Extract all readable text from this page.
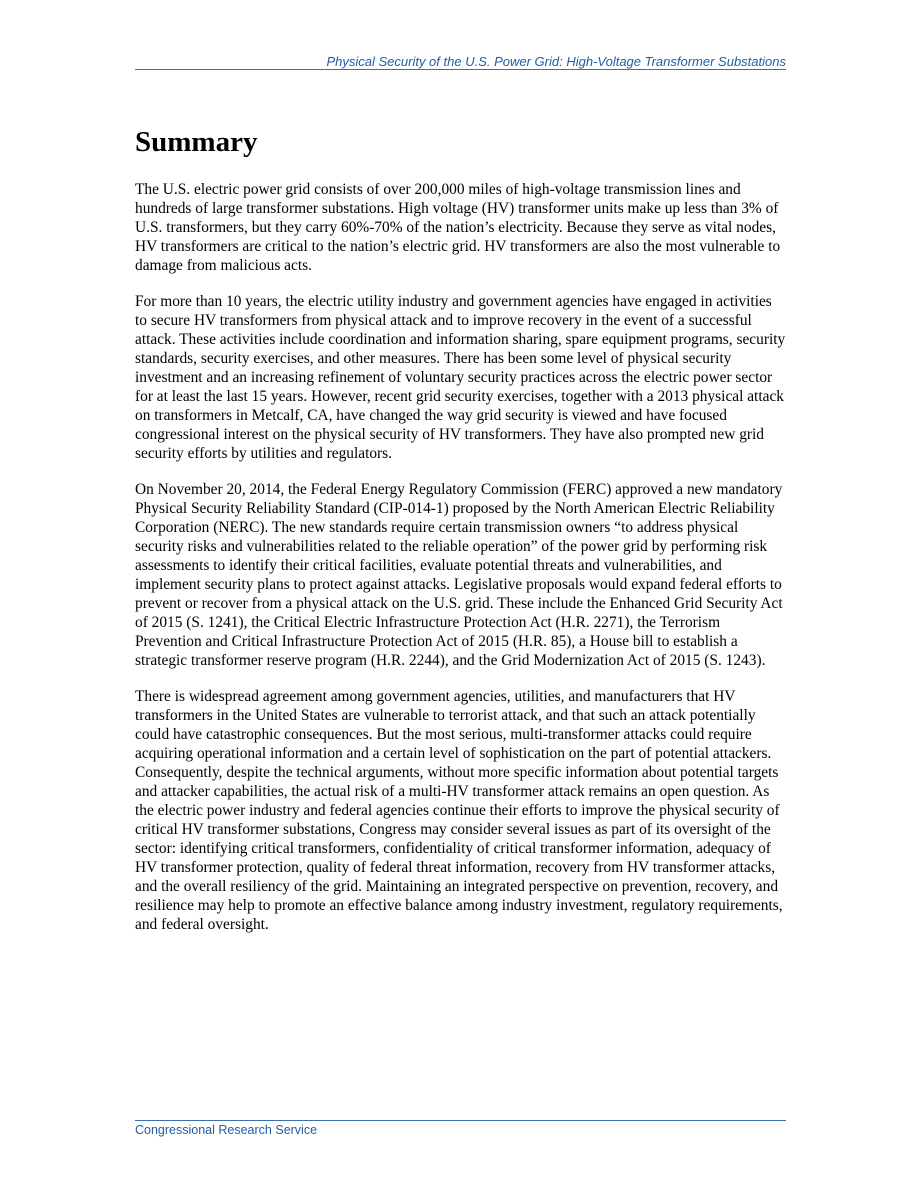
Physical Security of the U.S. Power Grid: High-Voltage Transformer Substations
Summary

The U.S. electric power grid consists of over 200,000 miles of high-voltage transmission lines and hundreds of large transformer substations. High voltage (HV) transformer units make up less than 3% of U.S. transformers, but they carry 60%-70% of the nation’s electricity. Because they serve as vital nodes, HV transformers are critical to the nation’s electric grid. HV transformers are also the most vulnerable to damage from malicious acts.

For more than 10 years, the electric utility industry and government agencies have engaged in activities to secure HV transformers from physical attack and to improve recovery in the event of a successful attack. These activities include coordination and information sharing, spare equipment programs, security standards, security exercises, and other measures. There has been some level of physical security investment and an increasing refinement of voluntary security practices across the electric power sector for at least the last 15 years. However, recent grid security exercises, together with a 2013 physical attack on transformers in Metcalf, CA, have changed the way grid security is viewed and have focused congressional interest on the physical security of HV transformers. They have also prompted new grid security efforts by utilities and regulators.

On November 20, 2014, the Federal Energy Regulatory Commission (FERC) approved a new mandatory Physical Security Reliability Standard (CIP-014-1) proposed by the North American Electric Reliability Corporation (NERC). The new standards require certain transmission owners “to address physical security risks and vulnerabilities related to the reliable operation” of the power grid by performing risk assessments to identify their critical facilities, evaluate potential threats and vulnerabilities, and implement security plans to protect against attacks. Legislative proposals would expand federal efforts to prevent or recover from a physical attack on the U.S. grid. These include the Enhanced Grid Security Act of 2015 (S. 1241), the Critical Electric Infrastructure Protection Act (H.R. 2271), the Terrorism Prevention and Critical Infrastructure Protection Act of 2015 (H.R. 85), a House bill to establish a strategic transformer reserve program (H.R. 2244), and the Grid Modernization Act of 2015 (S. 1243).

There is widespread agreement among government agencies, utilities, and manufacturers that HV transformers in the United States are vulnerable to terrorist attack, and that such an attack potentially could have catastrophic consequences. But the most serious, multi-transformer attacks could require acquiring operational information and a certain level of sophistication on the part of potential attackers. Consequently, despite the technical arguments, without more specific information about potential targets and attacker capabilities, the actual risk of a multi-HV transformer attack remains an open question. As the electric power industry and federal agencies continue their efforts to improve the physical security of critical HV transformer substations, Congress may consider several issues as part of its oversight of the sector: identifying critical transformers, confidentiality of critical transformer information, adequacy of HV transformer protection, quality of federal threat information, recovery from HV transformer attacks, and the overall resiliency of the grid. Maintaining an integrated perspective on prevention, recovery, and resilience may help to promote an effective balance among industry investment, regulatory requirements, and federal oversight.

Congressional Research Service
